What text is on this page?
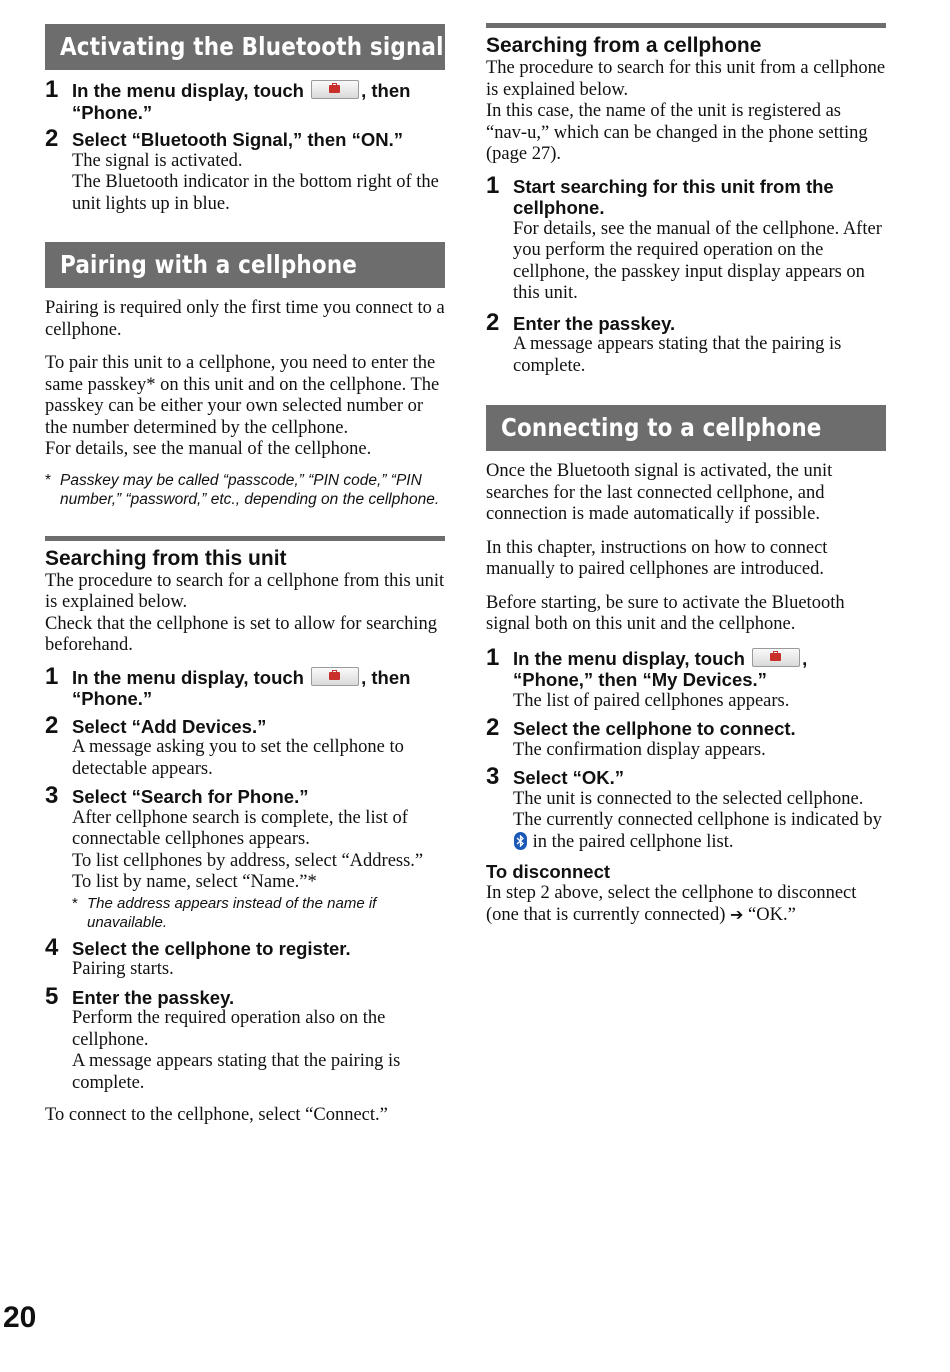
Activating the Bluetooth signal
1 In the menu display, touch	, then “Phone.”
2 Select “Bluetooth Signal,” then “ON.”
The signal is activated.
The Bluetooth indicator in the bottom right of the unit lights up in blue.
Pairing with a cellphone

Pairing is required only the first time you connect to a cellphone.

To pair this unit to a cellphone, you need to enter the same passkey* on this unit and on the cellphone. The passkey can be either your own selected number or the number determined by the cellphone.

For details, see the manual of the cellphone.

* Passkey may be called “passcode,” “PIN code,” “PIN number,” “password,” etc., depending on the cellphone.
Searching from this unit

The procedure to search for a cellphone from this unit is explained below.

Check that the cellphone is set to allow for searching beforehand.

1 In the menu display, touch	, then “Phone.”
2 Select “Add Devices.”
A message asking you to set the cellphone to detectable appears.
3 Select “Search for Phone.”
After cellphone search is complete, the list of connectable cellphones appears.
To list cellphones by address, select “Address.”
To list by name, select “Name.”*
* The address appears instead of the name if unavailable.
4 Select the cellphone to register.
Pairing starts.
5 Enter the passkey.
Perform the required operation also on the cellphone.
A message appears stating that the pairing is complete.

To connect to the cellphone, select “Connect.”

Searching from a cellphone

The procedure to search for this unit from a cellphone is explained below.

In this case, the name of the unit is registered as “nav-u,” which can be changed in the phone setting (page 27).

1 Start searching for this unit from the cellphone.
For details, see the manual of the cellphone. After you perform the required operation on the cellphone, the passkey input display appears on this unit.
2 Enter the passkey.
A message appears stating that the pairing is complete.
Connecting to a cellphone

Once the Bluetooth signal is activated, the unit searches for the last connected cellphone, and connection is made automatically if possible.

In this chapter, instructions on how to connect manually to paired cellphones are introduced.

Before starting, be sure to activate the Bluetooth signal both on this unit and the cellphone.

1 In the menu display, touch	, “Phone,” then “My Devices.”
The list of paired cellphones appears.
2 Select the cellphone to connect.
The confirmation display appears.
3 Select “OK.”
The unit is connected to the selected cellphone.
The currently connected cellphone is indicated by
in the paired cellphone list.
To disconnect

In step 2 above, select the cellphone to disconnect (one that is currently connected) ➔ “OK.”

20
